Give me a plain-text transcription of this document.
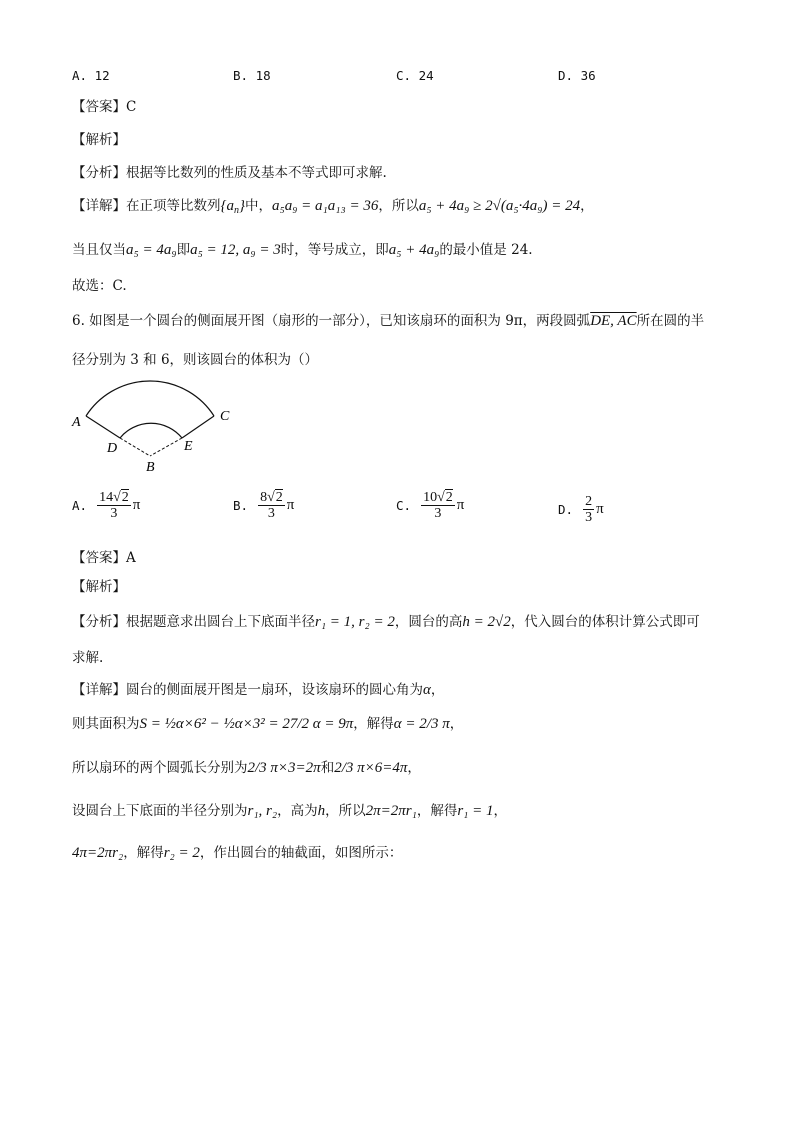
A. 12	B. 18	C. 24	D. 36
【答案】C
【解析】
【分析】根据等比数列的性质及基本不等式即可求解.
【详解】在正项等比数列$\{a_n\}$中，a₅a₉ = a₁a₁₃ = 36，所以a₅ + 4a₉ ≥ 2√(a₅·4a₉) = 24，
当且仅当a₅ = 4a₉即a₅ = 12, a₉ = 3时，等号成立，即a₅ + 4a₉的最小值是 24.
故选：C.
6. 如图是一个圆台的侧面展开图（扇形的一部分），已知该扇环的面积为 9π，两段圆弧DE, AC所在圆的半
径分别为 3 和 6，则该圆台的体积为（）
A	C
D	E
B
A. $\frac{14√2}{3}$ π	B. $\frac{8√2}{3}$ π	C. $\frac{10√2}{3}$ π	D. $\frac{2}{3}$ π
【答案】A
【解析】
【分析】根据题意求出圆台上下底面半径r₁ = 1, r₂ = 2，圆台的高h = 2√2，代入圆台的体积计算公式即可
求解.
【详解】圆台的侧面展开图是一扇环，设该扇环的圆心角为α，
则其面积为S = ½α×6² − ½α×3² = 27/2 α = 9π，解得α = 2/3 π，
所以扇环的两个圆弧长分别为2/3 π×3=2π和2/3 π×6=4π，
设圆台上下底面的半径分别为r₁, r₂，高为h，所以2π=2πr₁，解得r₁ = 1，
4π=2πr₂，解得r₂ = 2，作出圆台的轴截面，如图所示：
